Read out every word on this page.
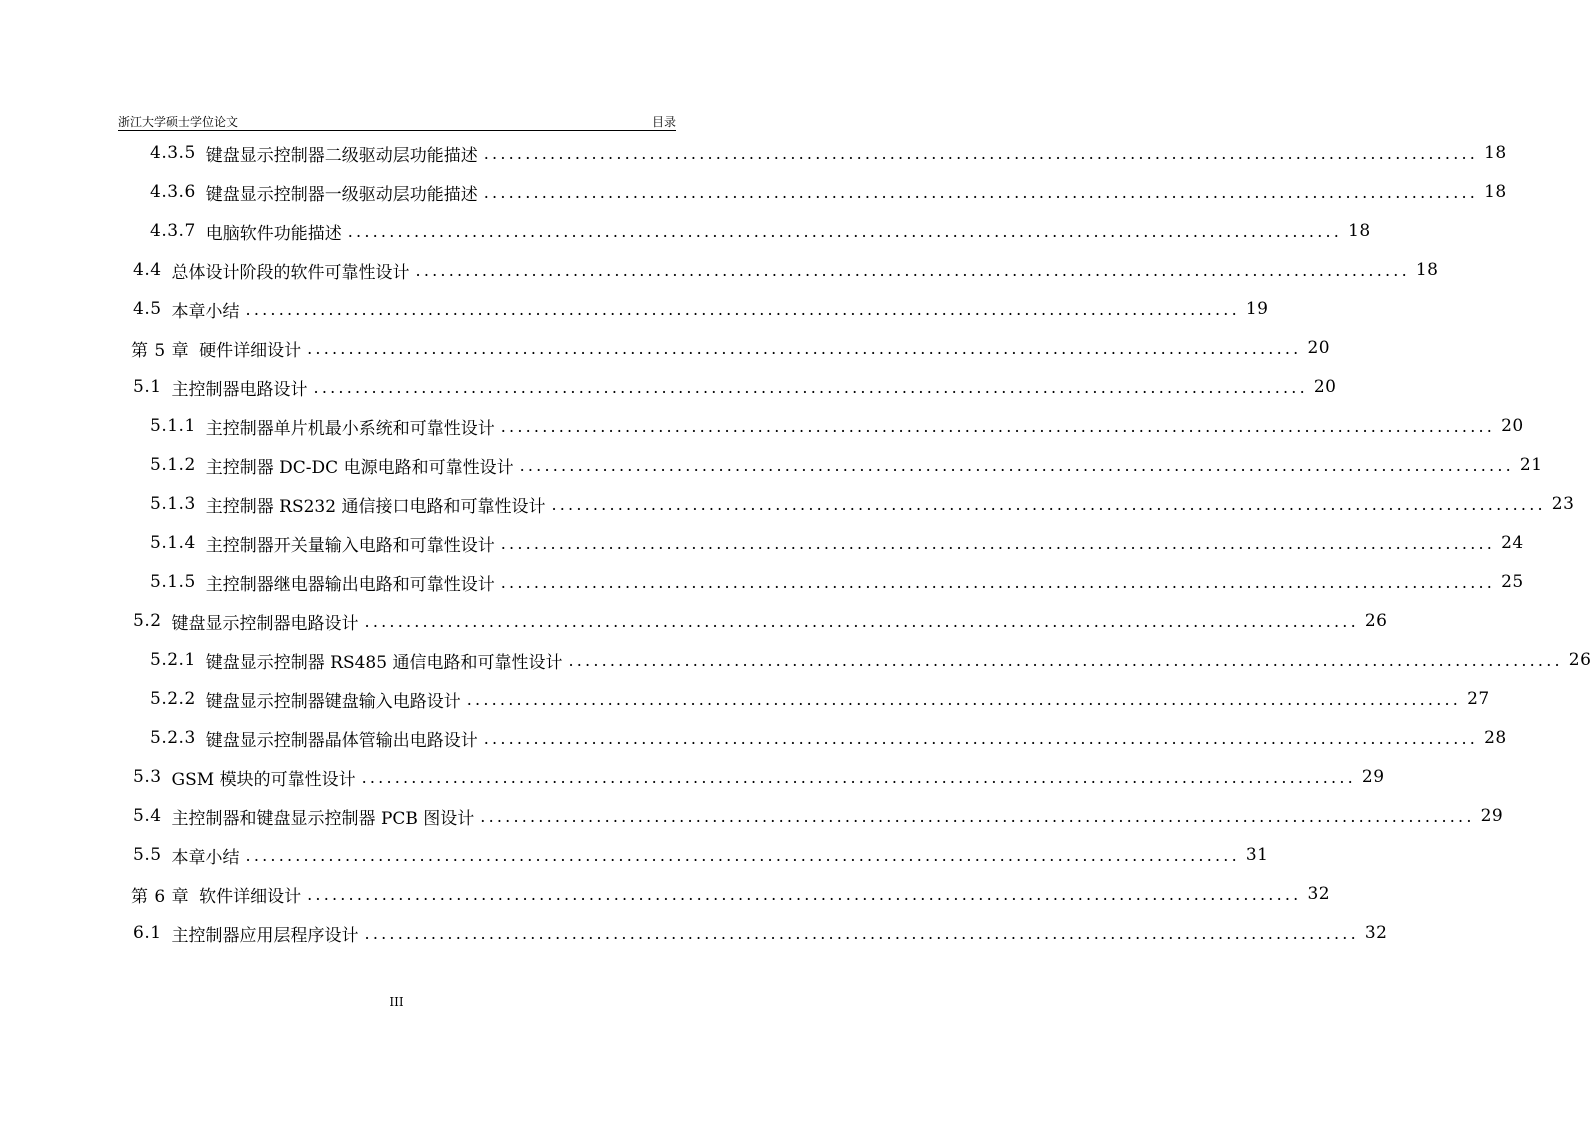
浙江大学硕士学位论文	目录
4.3.5 键盘显示控制器二级驱动层功能描述 ........................................................................................................................ 18
4.3.6 键盘显示控制器一级驱动层功能描述 ........................................................................................................................ 18
4.3.7 电脑软件功能描述 ........................................................................................................................ 18
4.4 总体设计阶段的软件可靠性设计 ........................................................................................................................ 18
4.5 本章小结 ........................................................................................................................ 19
第 5 章 硬件详细设计 ........................................................................................................................ 20
5.1 主控制器电路设计 ........................................................................................................................ 20
5.1.1 主控制器单片机最小系统和可靠性设计 ........................................................................................................................ 20
5.1.2 主控制器 DC-DC 电源电路和可靠性设计 ........................................................................................................................ 21
5.1.3 主控制器 RS232 通信接口电路和可靠性设计 ........................................................................................................................ 23
5.1.4 主控制器开关量输入电路和可靠性设计 ........................................................................................................................ 24
5.1.5 主控制器继电器输出电路和可靠性设计 ........................................................................................................................ 25
5.2 键盘显示控制器电路设计 ........................................................................................................................ 26
5.2.1 键盘显示控制器 RS485 通信电路和可靠性设计 ........................................................................................................................ 26
5.2.2 键盘显示控制器键盘输入电路设计 ........................................................................................................................ 27
5.2.3 键盘显示控制器晶体管输出电路设计 ........................................................................................................................ 28
5.3 GSM 模块的可靠性设计 ........................................................................................................................ 29
5.4 主控制器和键盘显示控制器 PCB 图设计 ........................................................................................................................ 29
5.5 本章小结 ........................................................................................................................ 31
第 6 章 软件详细设计 ........................................................................................................................ 32
6.1 主控制器应用层程序设计 ........................................................................................................................ 32
III
